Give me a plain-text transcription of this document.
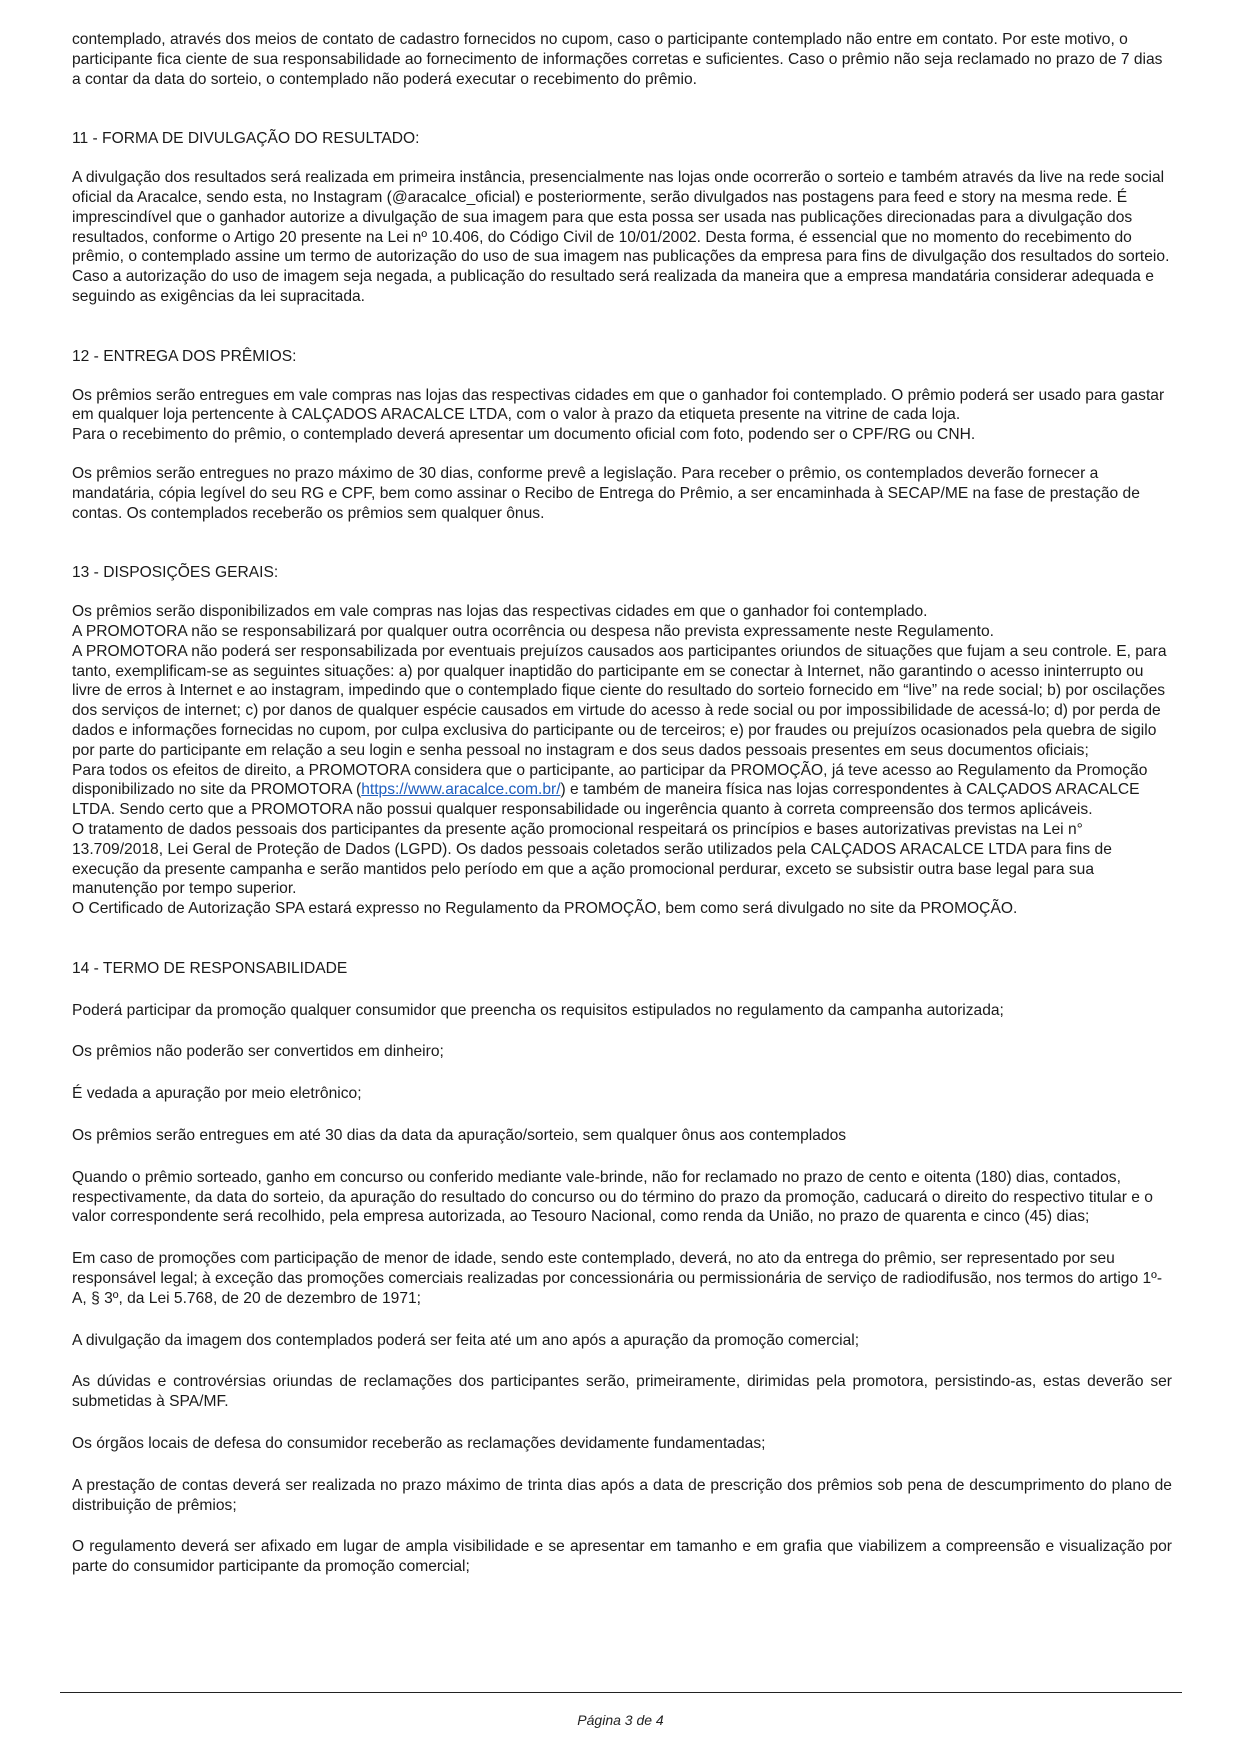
contemplado, através dos meios de contato de cadastro fornecidos no cupom, caso o participante contemplado não entre em contato. Por este motivo, o participante fica ciente de sua responsabilidade ao fornecimento de informações corretas e suficientes. Caso o prêmio não seja reclamado no prazo de 7 dias a contar da data do sorteio, o contemplado não poderá executar o recebimento do prêmio.

11 - FORMA DE DIVULGAÇÃO DO RESULTADO:

A divulgação dos resultados será realizada em primeira instância, presencialmente nas lojas onde ocorrerão o sorteio e também através da live na rede social oficial da Aracalce, sendo esta, no Instagram (@aracalce_oficial) e posteriormente, serão divulgados nas postagens para feed e story na mesma rede. É imprescindível que o ganhador autorize a divulgação de sua imagem para que esta possa ser usada nas publicações direcionadas para a divulgação dos resultados, conforme o Artigo 20 presente na Lei nº 10.406, do Código Civil de 10/01/2002. Desta forma, é essencial que no momento do recebimento do prêmio, o contemplado assine um termo de autorização do uso de sua imagem nas publicações da empresa para fins de divulgação dos resultados do sorteio. Caso a autorização do uso de imagem seja negada, a publicação do resultado será realizada da maneira que a empresa mandatária considerar adequada e seguindo as exigências da lei supracitada.

12 - ENTREGA DOS PRÊMIOS:

Os prêmios serão entregues em vale compras nas lojas das respectivas cidades em que o ganhador foi contemplado. O prêmio poderá ser usado para gastar em qualquer loja pertencente à CALÇADOS ARACALCE LTDA, com o valor à prazo da etiqueta presente na vitrine de cada loja.

Para o recebimento do prêmio, o contemplado deverá apresentar um documento oficial com foto, podendo ser o CPF/RG ou CNH.

Os prêmios serão entregues no prazo máximo de 30 dias, conforme prevê a legislação. Para receber o prêmio, os contemplados deverão fornecer a mandatária, cópia legível do seu RG e CPF, bem como assinar o Recibo de Entrega do Prêmio, a ser encaminhada à SECAP/ME na fase de prestação de contas. Os contemplados receberão os prêmios sem qualquer ônus.

13 - DISPOSIÇÕES GERAIS:

Os prêmios serão disponibilizados em vale compras nas lojas das respectivas cidades em que o ganhador foi contemplado.

A PROMOTORA não se responsabilizará por qualquer outra ocorrência ou despesa não prevista expressamente neste Regulamento.

A PROMOTORA não poderá ser responsabilizada por eventuais prejuízos causados aos participantes oriundos de situações que fujam a seu controle. E, para tanto, exemplificam-se as seguintes situações: a) por qualquer inaptidão do participante em se conectar à Internet, não garantindo o acesso ininterrupto ou livre de erros à Internet e ao instagram, impedindo que o contemplado fique ciente do resultado do sorteio fornecido em “live” na rede social; b) por oscilações dos serviços de internet; c) por danos de qualquer espécie causados em virtude do acesso à rede social ou por impossibilidade de acessá-lo; d) por perda de dados e informações fornecidas no cupom, por culpa exclusiva do participante ou de terceiros; e) por fraudes ou prejuízos ocasionados pela quebra de sigilo por parte do participante em relação a seu login e senha pessoal no instagram e dos seus dados pessoais presentes em seus documentos oficiais;

Para todos os efeitos de direito, a PROMOTORA considera que o participante, ao participar da PROMOÇÃO, já teve acesso ao Regulamento da Promoção disponibilizado no site da PROMOTORA (https://www.aracalce.com.br/) e também de maneira física nas lojas correspondentes à CALÇADOS ARACALCE LTDA. Sendo certo que a PROMOTORA não possui qualquer responsabilidade ou ingerência quanto à correta compreensão dos termos aplicáveis.

O tratamento de dados pessoais dos participantes da presente ação promocional respeitará os princípios e bases autorizativas previstas na Lei n° 13.709/2018, Lei Geral de Proteção de Dados (LGPD). Os dados pessoais coletados serão utilizados pela CALÇADOS ARACALCE LTDA para fins de execução da presente campanha e serão mantidos pelo período em que a ação promocional perdurar, exceto se subsistir outra base legal para sua manutenção por tempo superior.

O Certificado de Autorização SPA estará expresso no Regulamento da PROMOÇÃO, bem como será divulgado no site da PROMOÇÃO.

14 - TERMO DE RESPONSABILIDADE

Poderá participar da promoção qualquer consumidor que preencha os requisitos estipulados no regulamento da campanha autorizada;

Os prêmios não poderão ser convertidos em dinheiro;

É vedada a apuração por meio eletrônico;

Os prêmios serão entregues em até 30 dias da data da apuração/sorteio, sem qualquer ônus aos contemplados

Quando o prêmio sorteado, ganho em concurso ou conferido mediante vale-brinde, não for reclamado no prazo de cento e oitenta (180) dias, contados, respectivamente, da data do sorteio, da apuração do resultado do concurso ou do término do prazo da promoção, caducará o direito do respectivo titular e o valor correspondente será recolhido, pela empresa autorizada, ao Tesouro Nacional, como renda da União, no prazo de quarenta e cinco (45) dias;

Em caso de promoções com participação de menor de idade, sendo este contemplado, deverá, no ato da entrega do prêmio, ser representado por seu responsável legal; à exceção das promoções comerciais realizadas por concessionária ou permissionária de serviço de radiodifusão, nos termos do artigo 1º-A, § 3º, da Lei 5.768, de 20 de dezembro de 1971;

A divulgação da imagem dos contemplados poderá ser feita até um ano após a apuração da promoção comercial;

As dúvidas e controvérsias oriundas de reclamações dos participantes serão, primeiramente, dirimidas pela promotora, persistindo-as, estas deverão ser submetidas à SPA/MF.

Os órgãos locais de defesa do consumidor receberão as reclamações devidamente fundamentadas;

A prestação de contas deverá ser realizada no prazo máximo de trinta dias após a data de prescrição dos prêmios sob pena de descumprimento do plano de distribuição de prêmios;

O regulamento deverá ser afixado em lugar de ampla visibilidade e se apresentar em tamanho e em grafia que viabilizem a compreensão e visualização por parte do consumidor participante da promoção comercial;

Página 3 de 4
